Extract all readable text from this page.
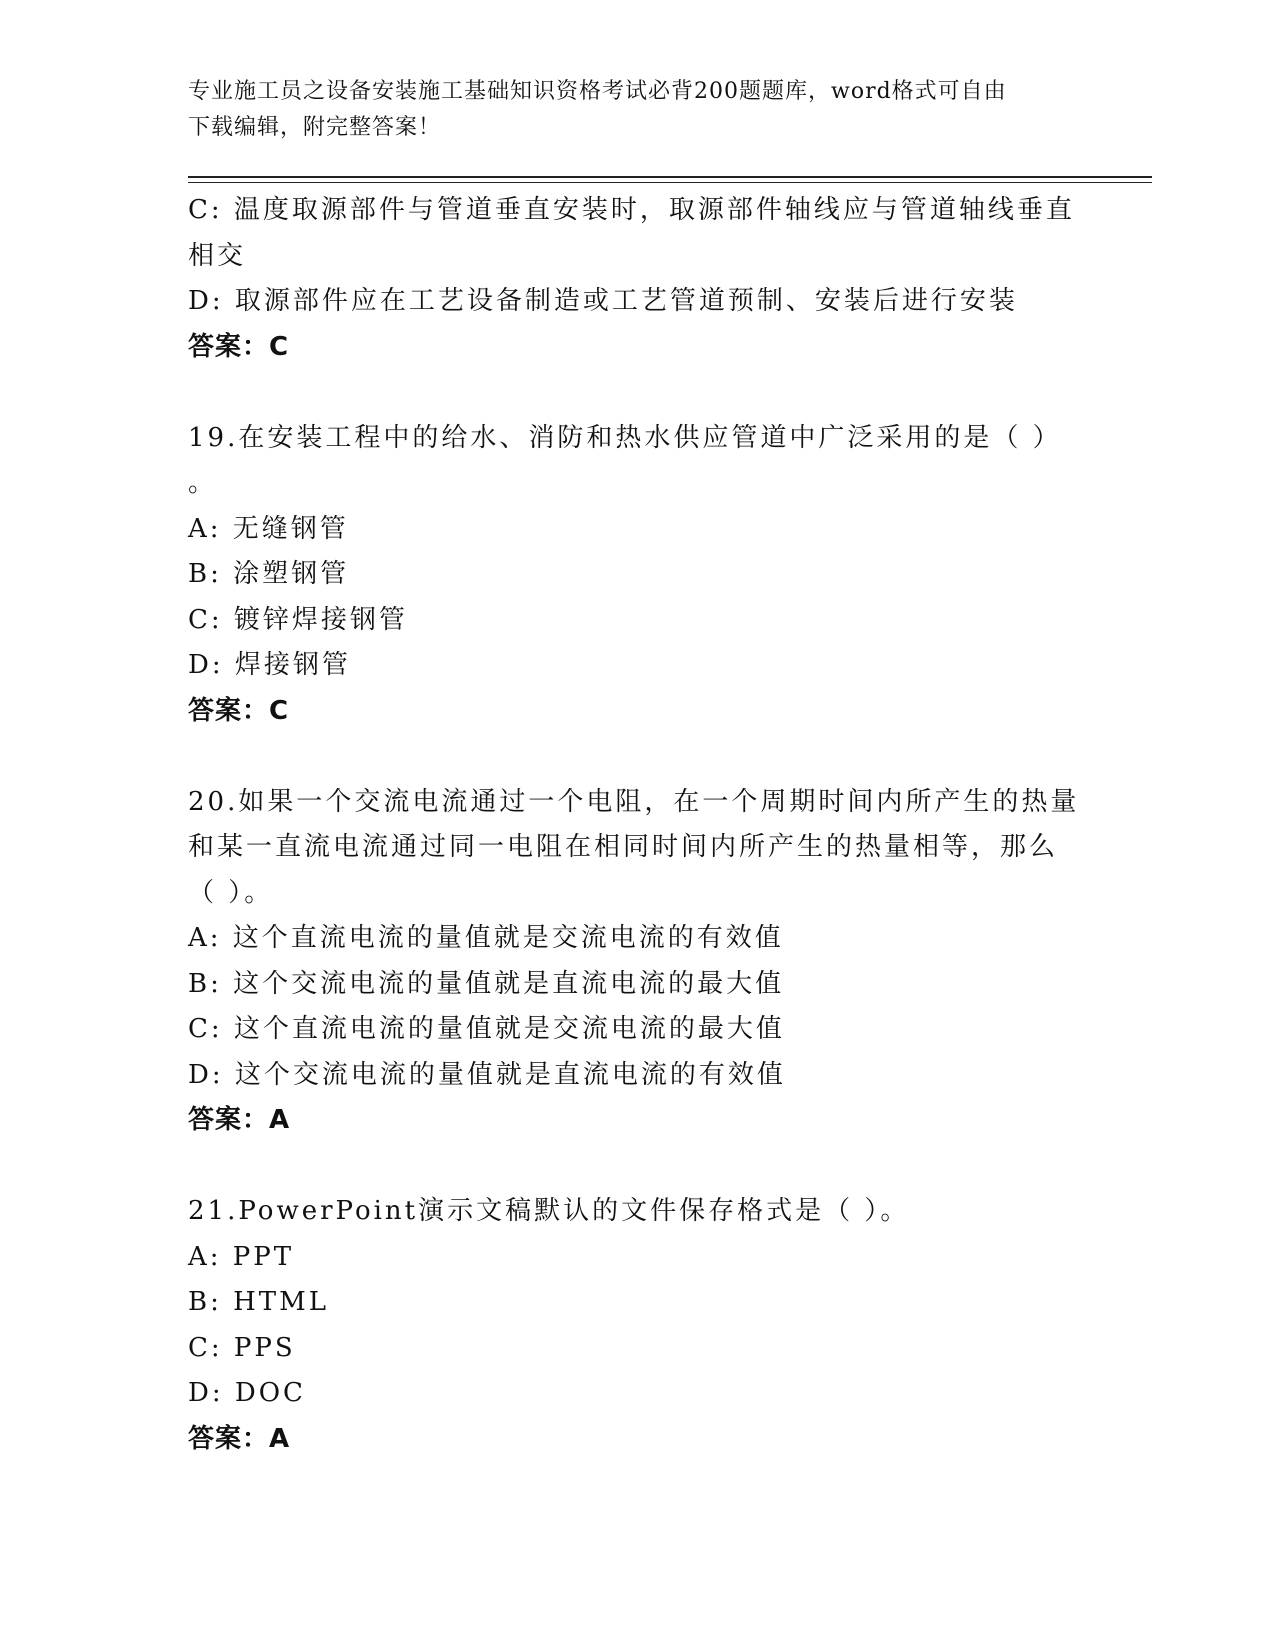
专业施工员之设备安装施工基础知识资格考试必背200题题库，word格式可自由
下载编辑，附完整答案！
C: 温度取源部件与管道垂直安装时，取源部件轴线应与管道轴线垂直
相交
D: 取源部件应在工艺设备制造或工艺管道预制、安装后进行安装
答案：C
19.在安装工程中的给水、消防和热水供应管道中广泛采用的是（ ）
。
A: 无缝钢管
B: 涂塑钢管
C: 镀锌焊接钢管
D: 焊接钢管
答案：C
20.如果一个交流电流通过一个电阻，在一个周期时间内所产生的热量
和某一直流电流通过同一电阻在相同时间内所产生的热量相等，那么
（ ）。
A: 这个直流电流的量值就是交流电流的有效值
B: 这个交流电流的量值就是直流电流的最大值
C: 这个直流电流的量值就是交流电流的最大值
D: 这个交流电流的量值就是直流电流的有效值
答案：A
21.PowerPoint演示文稿默认的文件保存格式是（ ）。
A: PPT
B: HTML
C: PPS
D: DOC
答案：A
